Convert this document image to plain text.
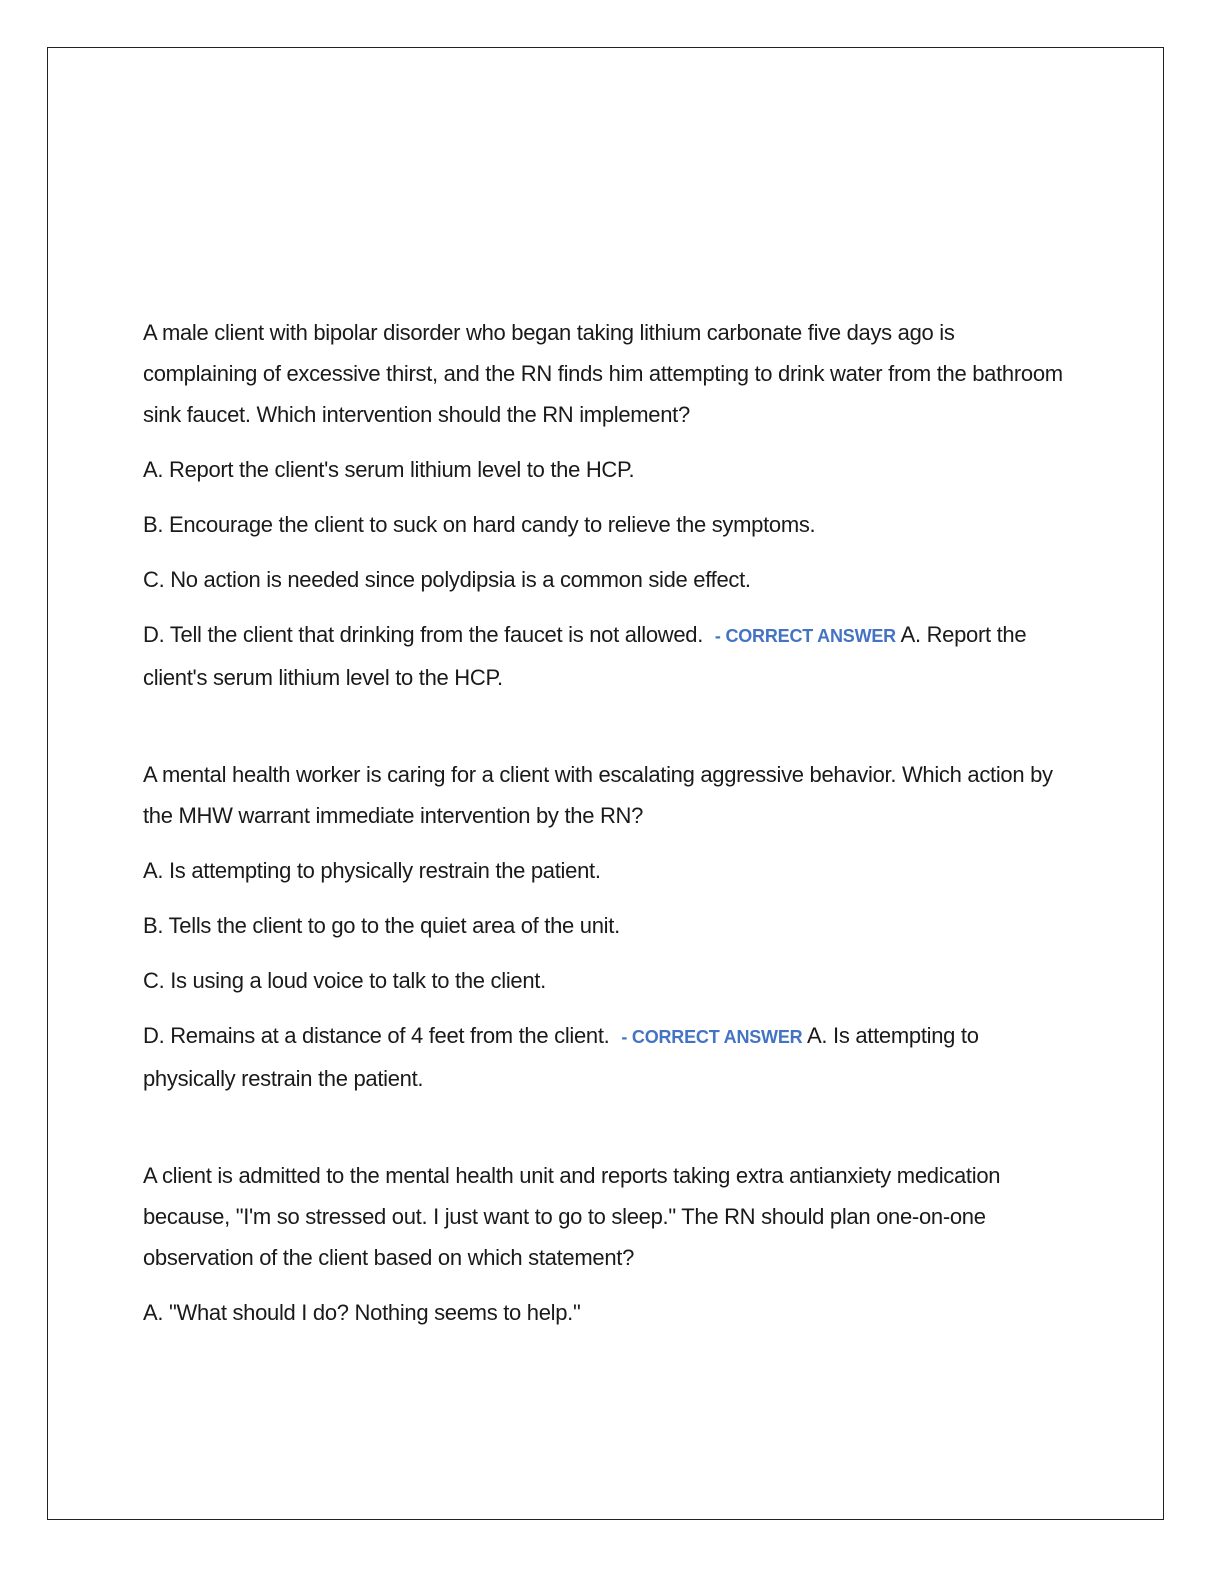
A male client with bipolar disorder who began taking lithium carbonate five days ago is complaining of excessive thirst, and the RN finds him attempting to drink water from the bathroom sink faucet. Which intervention should the RN implement?

A. Report the client's serum lithium level to the HCP.

B. Encourage the client to suck on hard candy to relieve the symptoms.

C. No action is needed since polydipsia is a common side effect.

D. Tell the client that drinking from the faucet is not allowed. - CORRECT ANSWER A. Report the client's serum lithium level to the HCP.

A mental health worker is caring for a client with escalating aggressive behavior. Which action by the MHW warrant immediate intervention by the RN?

A. Is attempting to physically restrain the patient.

B. Tells the client to go to the quiet area of the unit.

C. Is using a loud voice to talk to the client.

D. Remains at a distance of 4 feet from the client. - CORRECT ANSWER A. Is attempting to physically restrain the patient.

A client is admitted to the mental health unit and reports taking extra antianxiety medication because, "I'm so stressed out. I just want to go to sleep." The RN should plan one-on-one observation of the client based on which statement?

A. "What should I do? Nothing seems to help."
